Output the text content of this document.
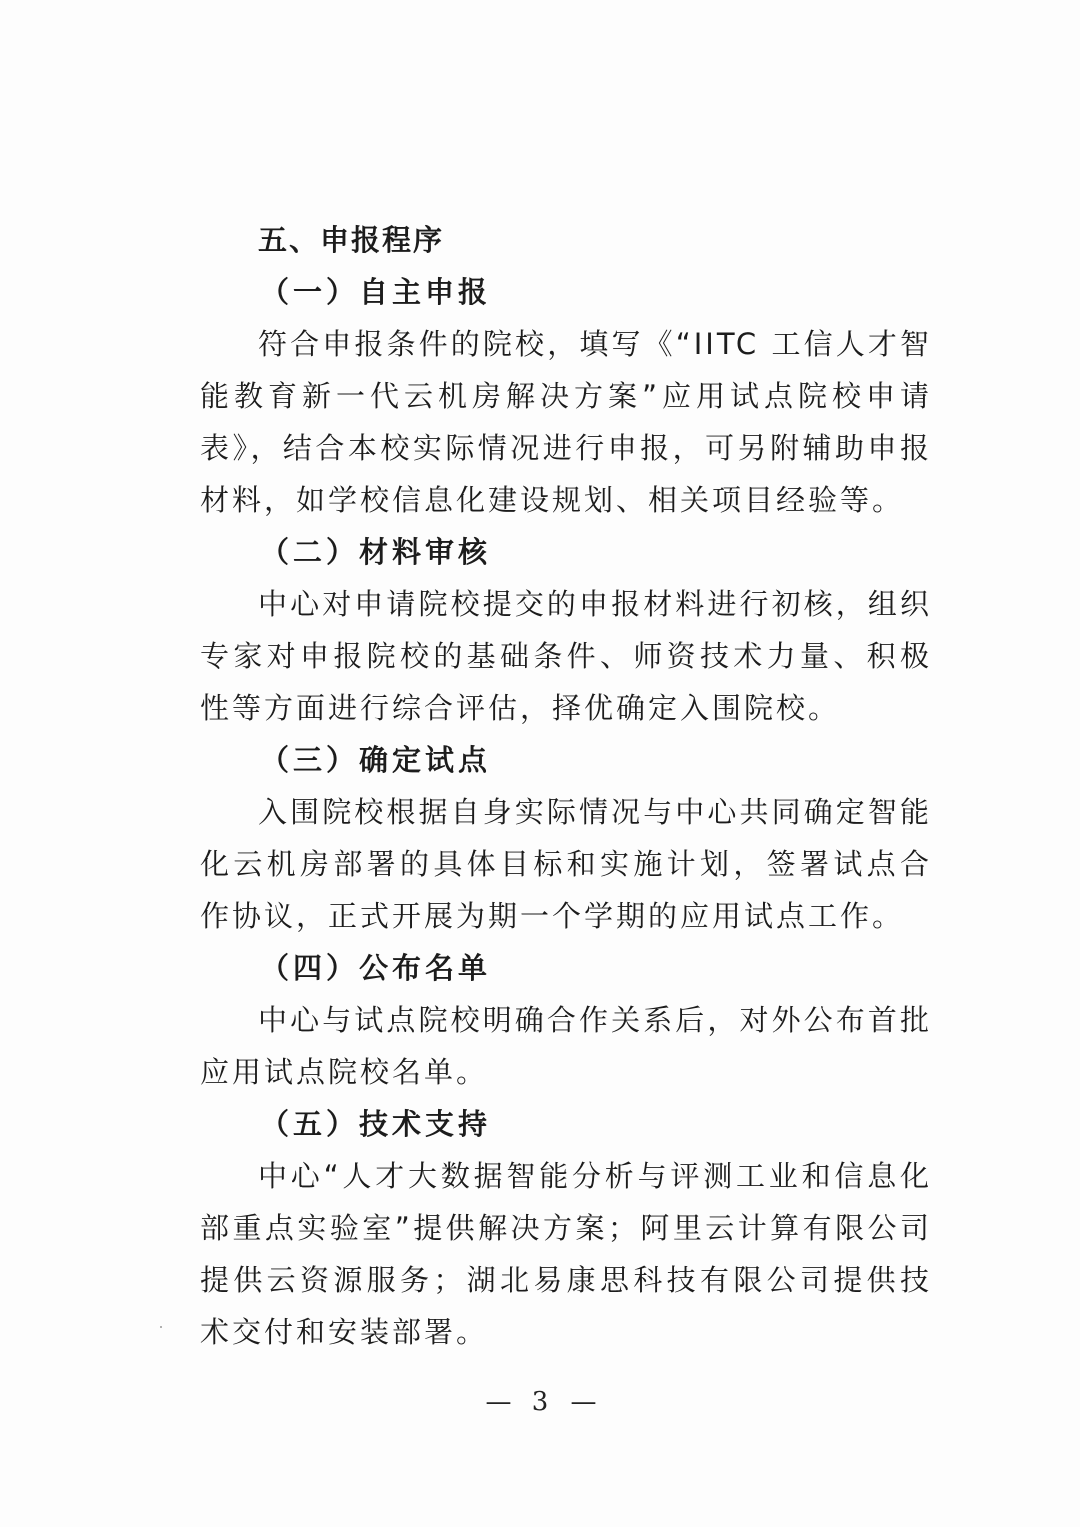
五、申报程序
（一）自主申报

符合申报条件的院校，填写《“IITC 工信人才智能教育新一代云机房解决方案”应用试点院校申请表》，结合本校实际情况进行申报，可另附辅助申报材料，如学校信息化建设规划、相关项目经验等。

（二）材料审核

中心对申请院校提交的申报材料进行初核，组织专家对申报院校的基础条件、师资技术力量、积极性等方面进行综合评估，择优确定入围院校。

（三）确定试点

入围院校根据自身实际情况与中心共同确定智能化云机房部署的具体目标和实施计划，签署试点合作协议，正式开展为期一个学期的应用试点工作。

（四）公布名单

中心与试点院校明确合作关系后，对外公布首批应用试点院校名单。

（五）技术支持

中心“人才大数据智能分析与评测工业和信息化部重点实验室”提供解决方案；阿里云计算有限公司提供云资源服务；湖北易康思科技有限公司提供技术交付和安装部署。

— 3 —
